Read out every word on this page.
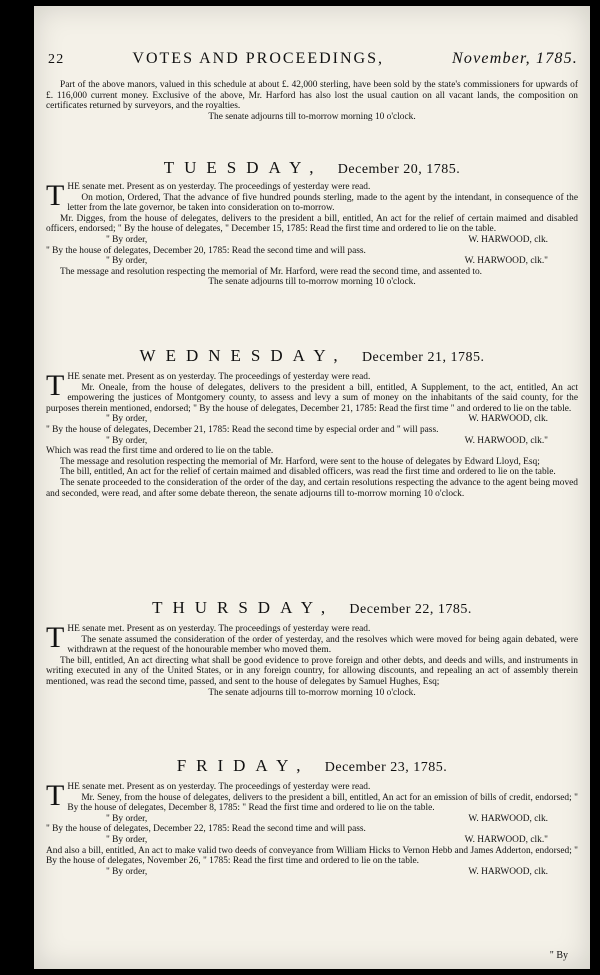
22	VOTES AND PROCEEDINGS,	November, 1785.

Part of the above manors, valued in this schedule at about £. 42,000 sterling, have been sold by the state's commissioners for upwards of £. 116,000 current money. Exclusive of the above, Mr. Harford has also lost the usual caution on all vacant lands, the composition on certificates returned by surveyors, and the royalties.

The senate adjourns till to-morrow morning 10 o'clock.

TUESDAY, December 20, 1785.

THE senate met. Present as on yesterday. The proceedings of yesterday were read.

On motion, Ordered, That the advance of five hundred pounds sterling, made to the agent by the intendant, in consequence of the letter from the late governor, be taken into consideration on to-morrow.

Mr. Digges, from the house of delegates, delivers to the president a bill, entitled, An act for the relief of certain maimed and disabled officers, endorsed; " By the house of delegates, " December 15, 1785: Read the first time and ordered to lie on the table.

" By order,	W. HARWOOD, clk.

" By the house of delegates, December 20, 1785: Read the second time and will pass.

" By order,	W. HARWOOD, clk."

The message and resolution respecting the memorial of Mr. Harford, were read the second time, and assented to.

The senate adjourns till to-morrow morning 10 o'clock.

WEDNESDAY, December 21, 1785.

THE senate met. Present as on yesterday. The proceedings of yesterday were read.

Mr. Oneale, from the house of delegates, delivers to the president a bill, entitled, A Supplement, to the act, entitled, An act empowering the justices of Montgomery county, to assess and levy a sum of money on the inhabitants of the said county, for the purposes therein mentioned, endorsed; " By the house of delegates, December 21, 1785: Read the first time " and ordered to lie on the table.

" By order,	W. HARWOOD, clk.

" By the house of delegates, December 21, 1785: Read the second time by especial order and " will pass.

" By order,	W. HARWOOD, clk."

Which was read the first time and ordered to lie on the table.

The message and resolution respecting the memorial of Mr. Harford, were sent to the house of delegates by Edward Lloyd, Esq;

The bill, entitled, An act for the relief of certain maimed and disabled officers, was read the first time and ordered to lie on the table.

The senate proceeded to the consideration of the order of the day, and certain resolutions respecting the advance to the agent being moved and seconded, were read, and after some debate thereon, the senate adjourns till to-morrow morning 10 o'clock.

THURSDAY, December 22, 1785.

THE senate met. Present as on yesterday. The proceedings of yesterday were read.

The senate assumed the consideration of the order of yesterday, and the resolves which were moved for being again debated, were withdrawn at the request of the honourable member who moved them.

The bill, entitled, An act directing what shall be good evidence to prove foreign and other debts, and deeds and wills, and instruments in writing executed in any of the United States, or in any foreign country, for allowing discounts, and repealing an act of assembly therein mentioned, was read the second time, passed, and sent to the house of delegates by Samuel Hughes, Esq;

The senate adjourns till to-morrow morning 10 o'clock.

FRIDAY, December 23, 1785.

THE senate met. Present as on yesterday. The proceedings of yesterday were read.

Mr. Seney, from the house of delegates, delivers to the president a bill, entitled, An act for an emission of bills of credit, endorsed; " By the house of delegates, December 8, 1785: " Read the first time and ordered to lie on the table.

" By order,	W. HARWOOD, clk.

" By the house of delegates, December 22, 1785: Read the second time and will pass.

" By order,	W. HARWOOD, clk."

And also a bill, entitled, An act to make valid two deeds of conveyance from William Hicks to Vernon Hebb and James Adderton, endorsed; " By the house of delegates, November 26, " 1785: Read the first time and ordered to lie on the table.

" By order,	W. HARWOOD, clk.
" By
